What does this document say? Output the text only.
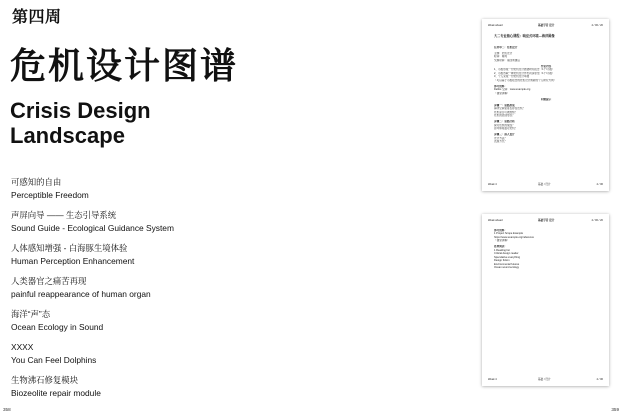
第四周
危机设计图谱
Crisis Design
Landscape
可感知的自由
Perceptible Freedom
声屏向导 —— 生态引导系统
Sound Guide - Ecological Guidance System
人体感知增强 - 白海豚生境体验
Human Perception Enhancement
人类器官之痛苦再现
painful reappearance of human organ
海洋“声”态
Ocean Ecology in Sound
XXXX
You Can Feel Dolphins
生物沸石修复模块
Biozeolite repair module
Week ahead	基础学者 设计	4 / 06 / 20
大二专业核心课程：响应式环境—海洋图像
任务单二：危机设计
主题：危机设计
时间：两周
交换时间：第四周课后
作业内容
1、小组形成一份危机设计图谱研究报告（1个/小组）
2、小组选取一种危机设计作出初步原型（1个/小组）
3、个人完成一份危机设计草图
（可以基于小组报告的危机设计或新的个人研究方向）
参考资料：
Delfos 空间：www.example.org
（课堂讲解）
问题提示
步骤一：思路形成
海洋空间里是否存在危机？
危机是否可被感知？
危机的表现形态？
步骤二：思路分析
探究危机的成因？
思考如何面对危机？
步骤三：深入设计
设计方法？
表现方式？
Week 4	基础 / 设计	4 / 06
Week ahead	基础学者 设计	4 / 06 / 20
参考资料：
1 Project Scope Example
https://www.example.org/reference
（课堂讲解）
延伸阅读：
1 Reading list
Critical design reader
Speculative everything
Design fiction
Environmental futures
Ocean sound ecology
Week 4	基础 / 设计	4 / 06
358	359
